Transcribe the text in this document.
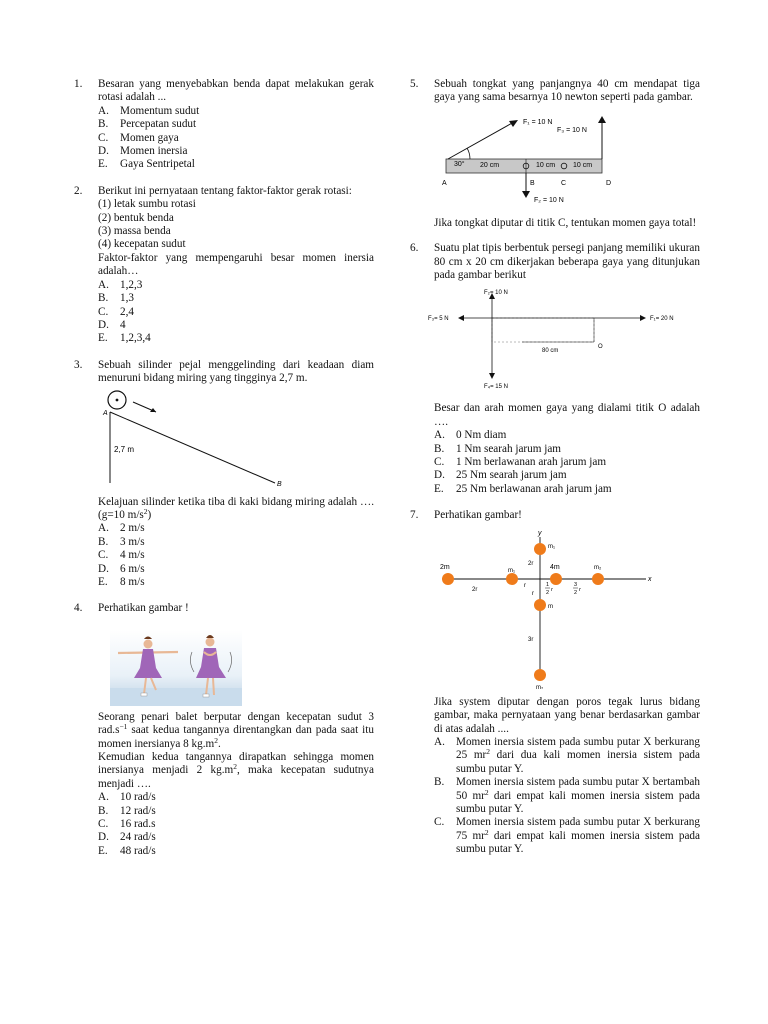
1. Besaran yang menyebabkan benda dapat melakukan gerak rotasi adalah ...
A. Momentum sudut
B. Percepatan sudut
C. Momen gaya
D. Momen inersia
E. Gaya Sentripetal
2. Berikut ini pernyataan tentang faktor-faktor gerak rotasi:
(1) letak sumbu rotasi
(2) bentuk benda
(3) massa benda
(4) kecepatan sudut
Faktor-faktor yang mempengaruhi besar momen inersia adalah…
A. 1,2,3
B. 1,3
C. 2,4
D. 4
E. 1,2,3,4
3. Sebuah silinder pejal menggelinding dari keadaan diam menuruni bidang miring yang tingginya 2,7 m.
A
2,7 m
B
Kelajuan silinder ketika tiba di kaki bidang miring adalah …. (g=10 $m/s^2$)
A. 2 m/s
B. 3 m/s
C. 4 m/s
D. 6 m/s
E. 8 m/s
4. Perhatikan gambar !
Seorang penari balet berputar dengan kecepatan sudut 3 $rad.s^{-1}$ saat kedua tangannya direntangkan dan pada saat itu momen inersianya 8 $kg.m^2$.
Kemudian kedua tangannya dirapatkan sehingga momen inersianya menjadi 2 $kg.m^2$, maka kecepatan sudutnya menjadi ….
A. 10 rad/s
B. 12 rad/s
C. 16 rad.s
D. 24 rad/s
E. 48 rad/s
5. Sebuah tongkat yang panjangnya 40 cm mendapat tiga gaya yang sama besarnya 10 newton seperti pada gambar.
F₁ = 10 N
30°
F₃ = 10 N
F₂ = 10 N
20 cm	10 cm	10 cm
A	B	C	D
Jika tongkat diputar di titik C, tentukan momen gaya total!
6. Suatu plat tipis berbentuk persegi panjang memiliki ukuran 80 cm x 20 cm dikerjakan beberapa gaya yang ditunjukan pada gambar berikut
F₂= 10 N
F₃= 5 N	F₁= 20 N
F₄= 15 N
80 cm
O
Besar dan arah momen gaya yang dialami titik O adalah ….
A. 0 Nm diam
B. 1 Nm searah jarum jam
C. 1 Nm berlawanan arah jarum jam
D. 25 Nm searah jarum jam
E. 25 Nm berlawanan arah jarum jam
7. Perhatikan gambar!
y
x
m₁
2r
2m	m₁	4m	m₂
2r
r
r
1
2 r
3
2 r
m
3r
m₂
Jika system diputar dengan poros tegak lurus bidang gambar, maka pernyataan yang benar berdasarkan gambar di atas adalah ....
A. Momen inersia sistem pada sumbu putar X berkurang 25 $mr^2$ dari dua kali momen inersia sistem pada sumbu putar Y.
B. Momen inersia sistem pada sumbu putar X bertambah 50 $mr^2$ dari empat kali momen inersia sistem pada sumbu putar Y.
C. Momen inersia sistem pada sumbu putar X berkurang 75 $mr^2$ dari empat kali momen inersia sistem pada sumbu putar Y.
